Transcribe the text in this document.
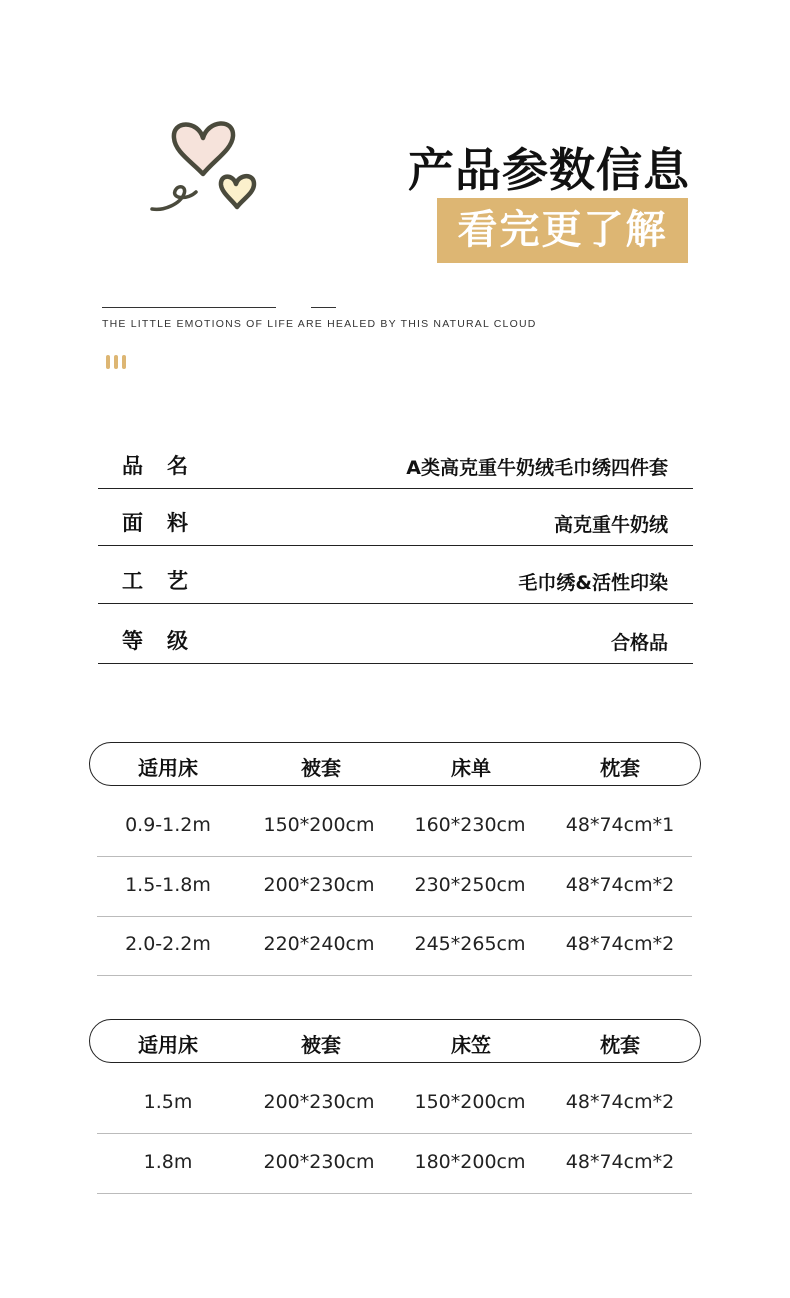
产品参数信息
看完更了解
THE LITTLE EMOTIONS OF LIFE ARE HEALED BY THIS NATURAL CLOUD
品名	A类高克重牛奶绒毛巾绣四件套
面料	高克重牛奶绒
工艺	毛巾绣&活性印染
等级	合格品
适用床	被套	床单	枕套
0.9-1.2m	150*200cm	160*230cm	48*74cm*1
1.5-1.8m	200*230cm	230*250cm	48*74cm*2
2.0-2.2m	220*240cm	245*265cm	48*74cm*2
适用床	被套	床笠	枕套
1.5m	200*230cm	150*200cm	48*74cm*2
1.8m	200*230cm	180*200cm	48*74cm*2
